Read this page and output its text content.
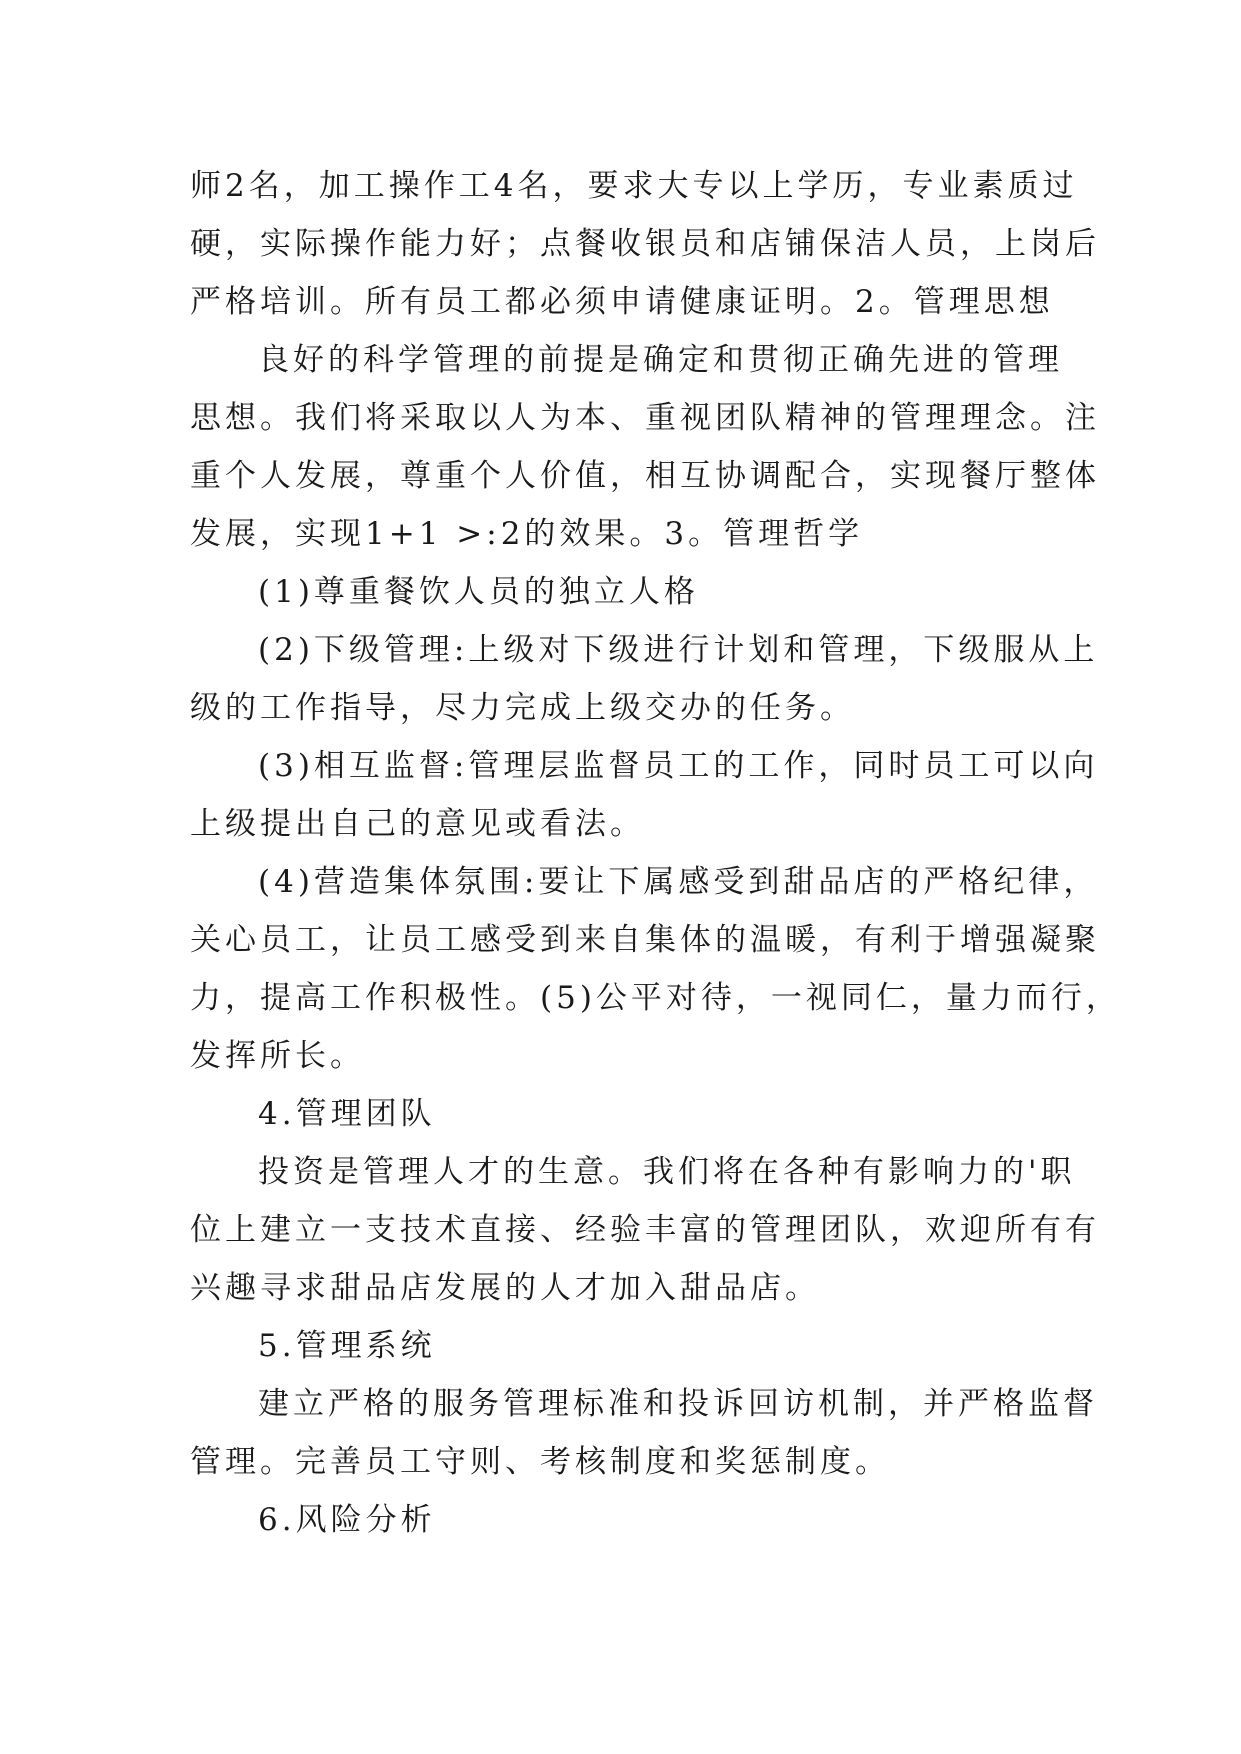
师2名，加工操作工4名，要求大专以上学历，专业素质过
硬，实际操作能力好；点餐收银员和店铺保洁人员，上岗后
严格培训。所有员工都必须申请健康证明。2。管理思想
良好的科学管理的前提是确定和贯彻正确先进的管理
思想。我们将采取以人为本、重视团队精神的管理理念。注
重个人发展，尊重个人价值，相互协调配合，实现餐厅整体
发展，实现1+1 >:2的效果。3。管理哲学
(1)尊重餐饮人员的独立人格
(2)下级管理:上级对下级进行计划和管理，下级服从上
级的工作指导，尽力完成上级交办的任务。
(3)相互监督:管理层监督员工的工作，同时员工可以向
上级提出自己的意见或看法。
(4)营造集体氛围:要让下属感受到甜品店的严格纪律，
关心员工，让员工感受到来自集体的温暖，有利于增强凝聚
力，提高工作积极性。(5)公平对待，一视同仁，量力而行，
发挥所长。
4.管理团队
投资是管理人才的生意。我们将在各种有影响力的'职
位上建立一支技术直接、经验丰富的管理团队，欢迎所有有
兴趣寻求甜品店发展的人才加入甜品店。
5.管理系统
建立严格的服务管理标准和投诉回访机制，并严格监督
管理。完善员工守则、考核制度和奖惩制度。
6.风险分析
